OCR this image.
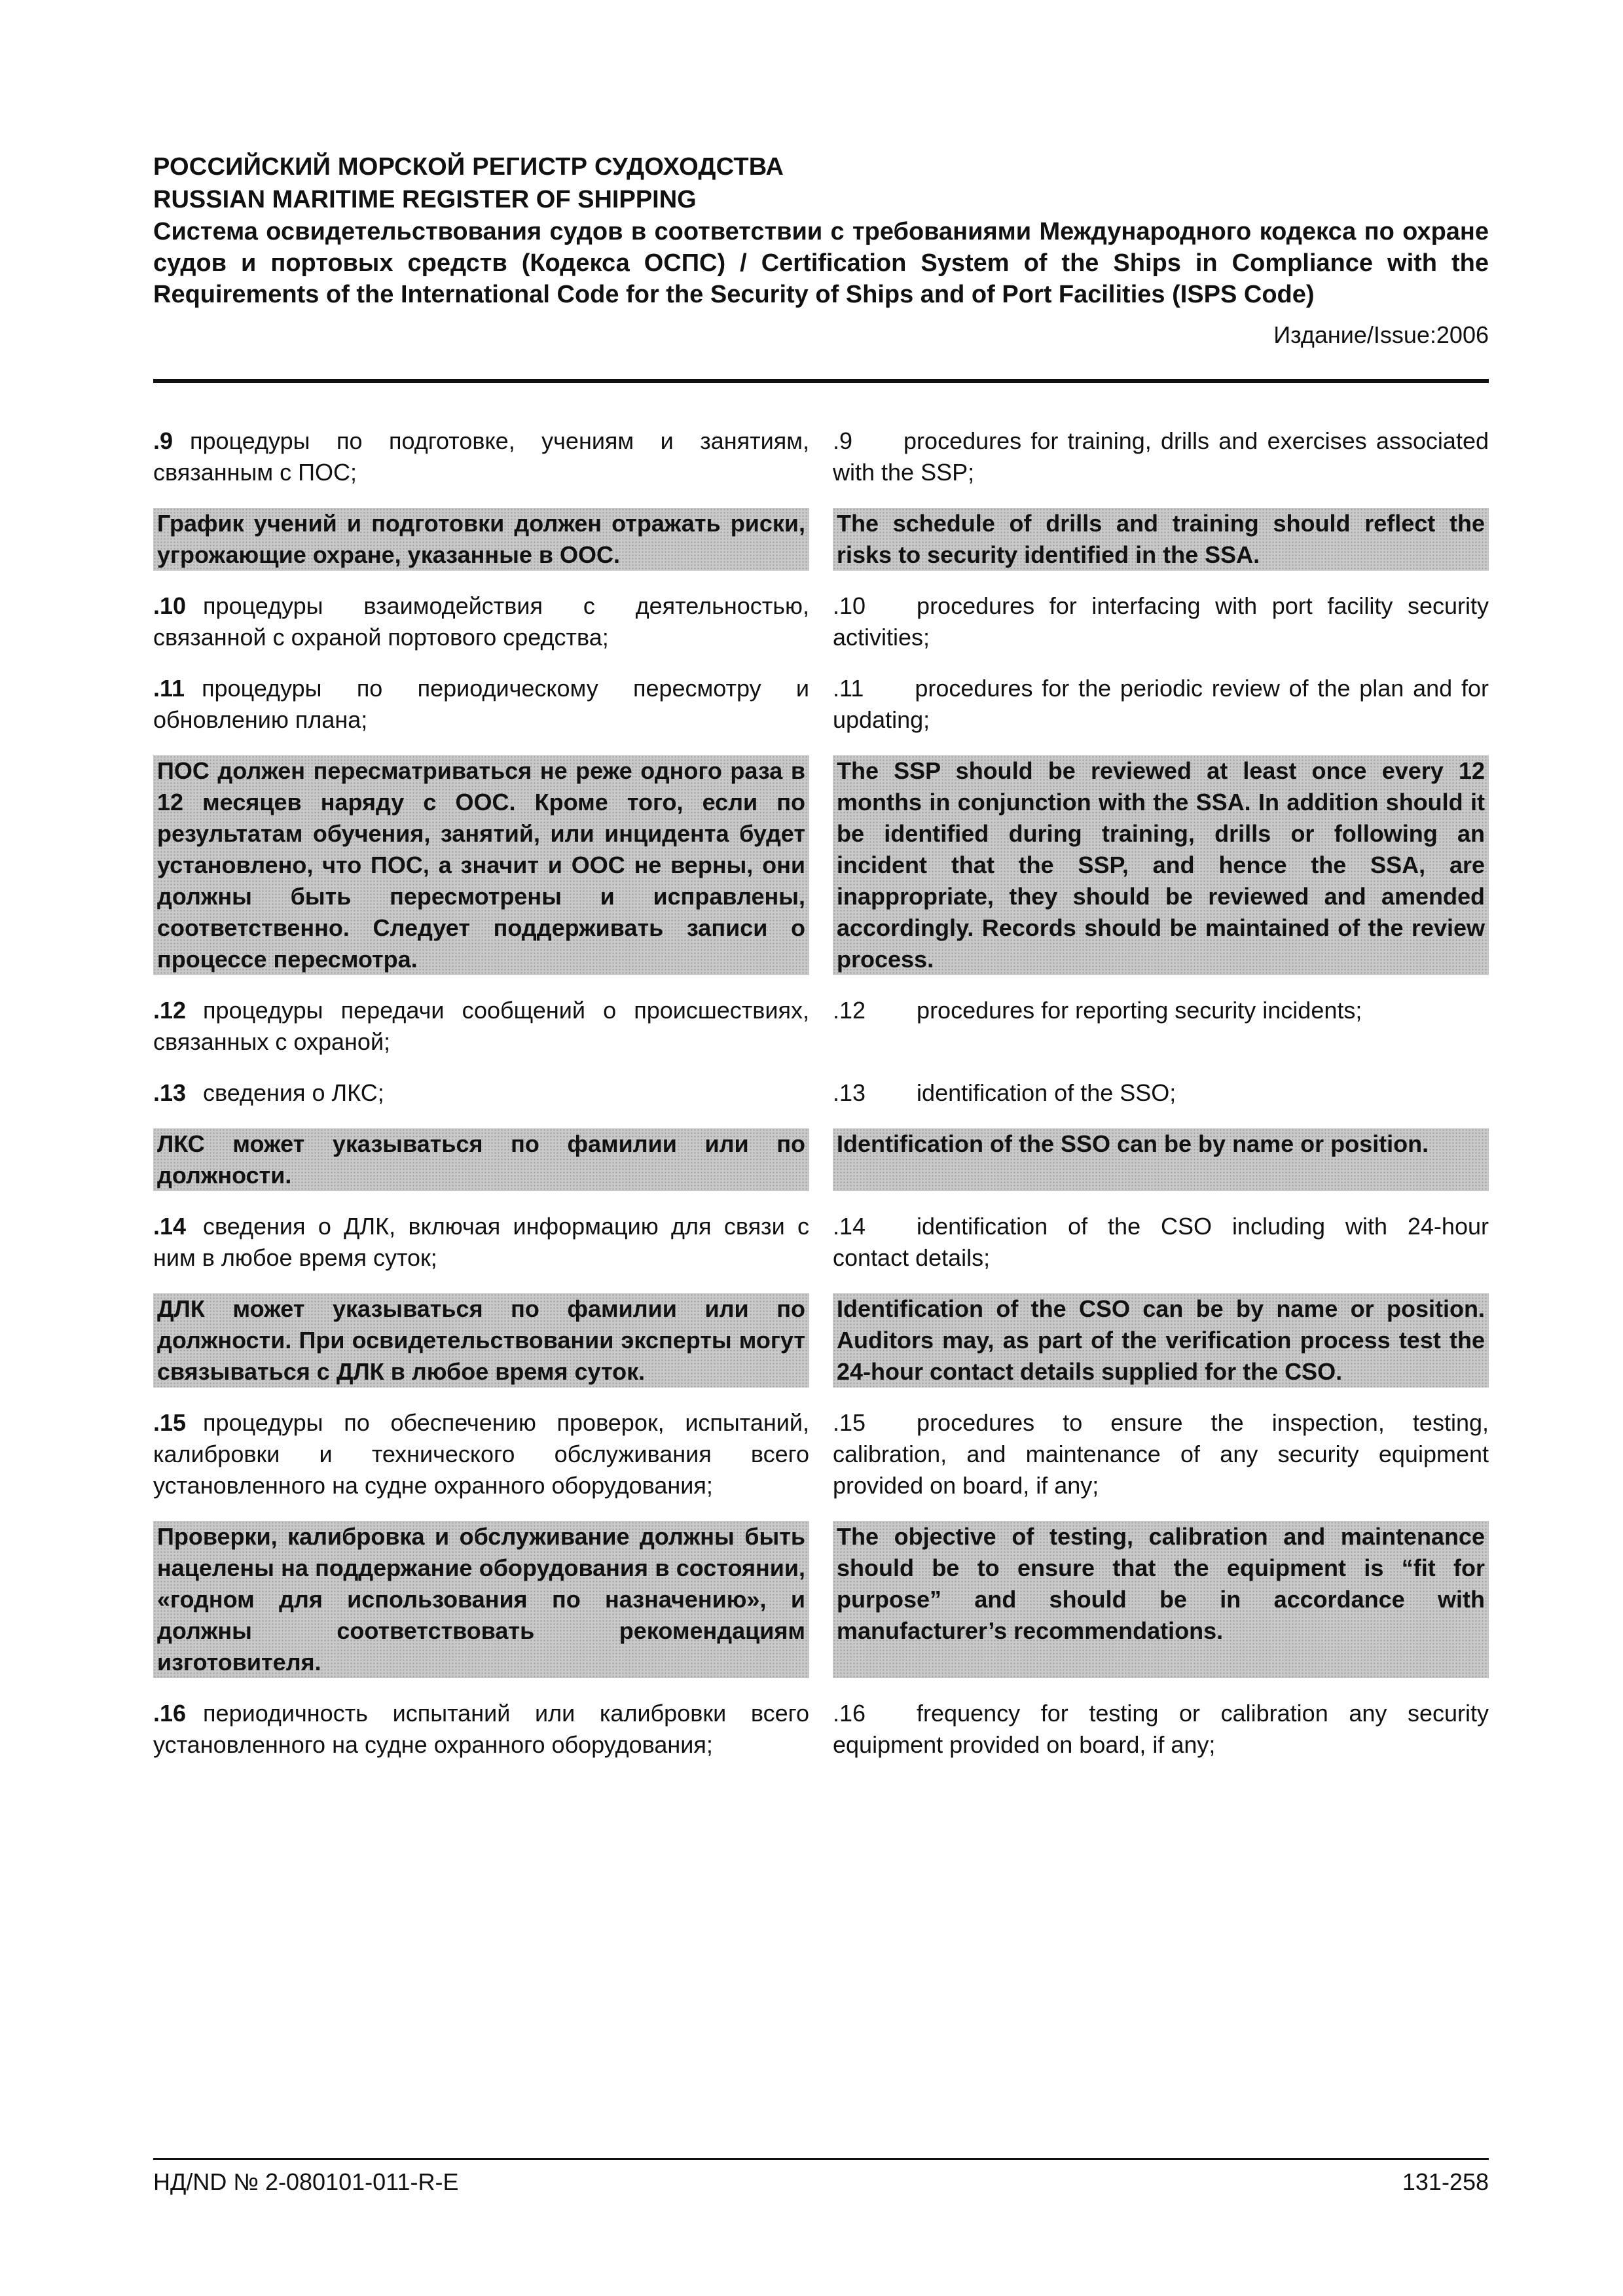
РОССИЙСКИЙ МОРСКОЙ РЕГИСТР СУДОХОДСТВА
RUSSIAN MARITIME REGISTER OF SHIPPING
Система освидетельствования судов в соответствии с требованиями Международного кодекса по охране судов и портовых средств (Кодекса ОСПС) / Certification System of the Ships in Compliance with the Requirements of the International Code for the Security of Ships and of Port Facilities (ISPS Code)
Издание/Issue:2006
.9 процедуры по подготовке, учениям и занятиям, связанным с ПОС;
.9 procedures for training, drills and exercises associated with the SSP;
График учений и подготовки должен отражать риски, угрожающие охране, указанные в ООС.
The schedule of drills and training should reflect the risks to security identified in the SSA.
.10 процедуры взаимодействия с деятельностью, связанной с охраной портового средства;
.10 procedures for interfacing with port facility security activities;
.11 процедуры по периодическому пересмотру и обновлению плана;
.11 procedures for the periodic review of the plan and for updating;
ПОС должен пересматриваться не реже одного раза в 12 месяцев наряду с ООС. Кроме того, если по результатам обучения, занятий, или инцидента будет установлено, что ПОС, а значит и ООС не верны, они должны быть пересмотрены и исправлены, соответственно. Следует поддерживать записи о процессе пересмотра.
The SSP should be reviewed at least once every 12 months in conjunction with the SSA. In addition should it be identified during training, drills or following an incident that the SSP, and hence the SSA, are inappropriate, they should be reviewed and amended accordingly. Records should be maintained of the review process.
.12 процедуры передачи сообщений о происшествиях, связанных с охраной;
.12 procedures for reporting security incidents;
.13 сведения о ЛКС;	.13 identification of the SSO;
ЛКС может указываться по фамилии или по должности.
Identification of the SSO can be by name or position.
.14 сведения о ДЛК, включая информацию для связи с ним в любое время суток;
.14 identification of the CSO including with 24-hour contact details;
ДЛК может указываться по фамилии или по должности. При освидетельствовании эксперты могут связываться с ДЛК в любое время суток.
Identification of the CSO can be by name or position. Auditors may, as part of the verification process test the 24-hour contact details supplied for the CSO.
.15 процедуры по обеспечению проверок, испытаний, калибровки и технического обслуживания всего установленного на судне охранного оборудования;
.15 procedures to ensure the inspection, testing, calibration, and maintenance of any security equipment provided on board, if any;
Проверки, калибровка и обслуживание должны быть нацелены на поддержание оборудования в состоянии, «годном для использования по назначению», и должны соответствовать рекомендациям изготовителя.
The objective of testing, calibration and maintenance should be to ensure that the equipment is “fit for purpose” and should be in accordance with manufacturer’s recommendations.
.16 периодичность испытаний или калибровки всего установленного на судне охранного оборудования;
.16 frequency for testing or calibration any security equipment provided on board, if any;
НД/ND № 2-080101-011-R-E	131-258
